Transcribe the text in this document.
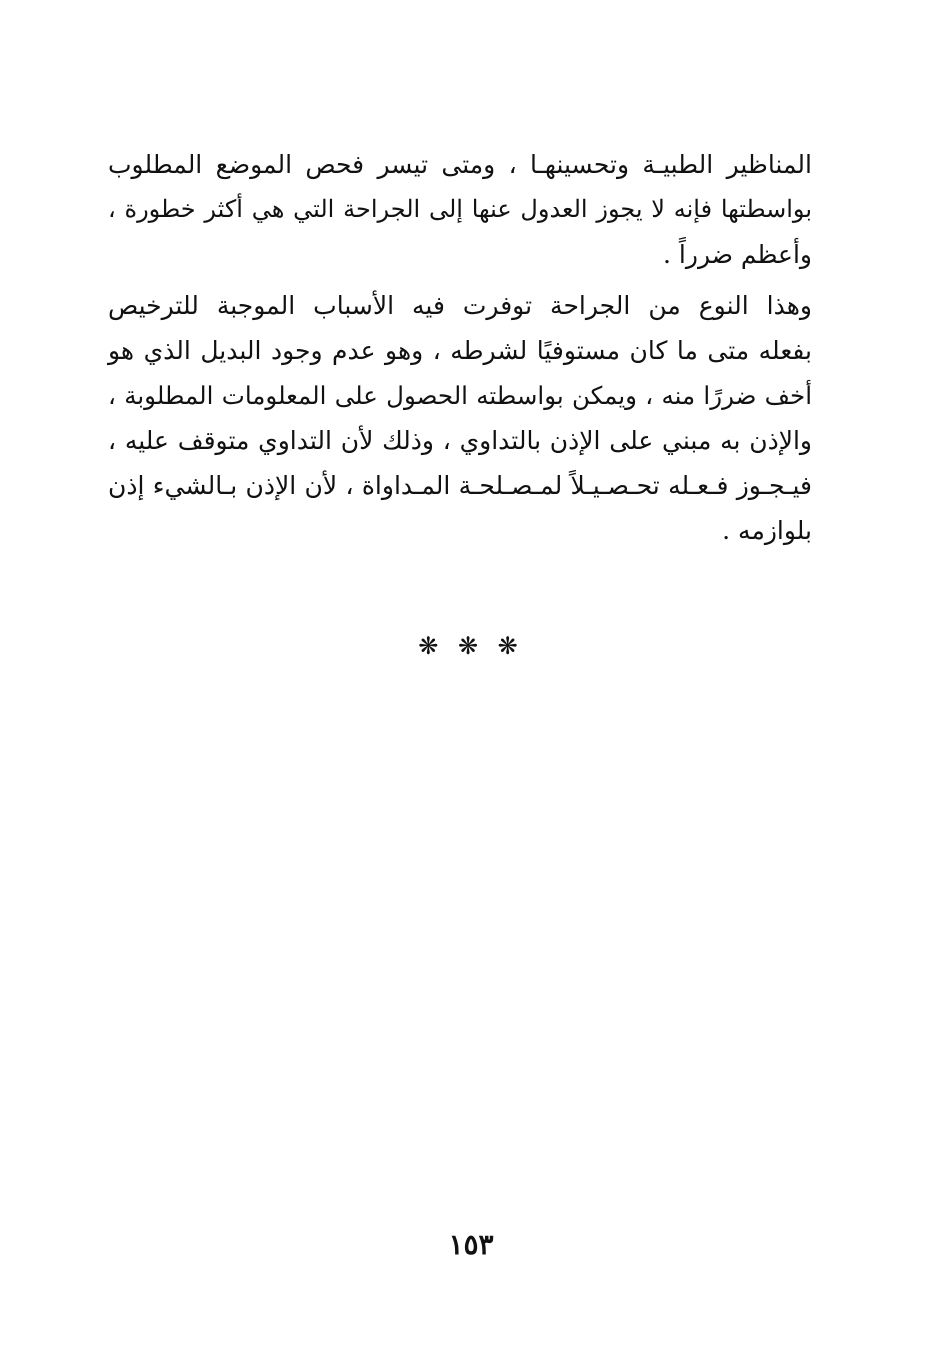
المناظير الطبيـة وتحسينهـا ، ومتى تيسر فحص الموضع المطلوب
بواسطتها فإنه لا يجوز العدول عنها إلى الجراحة التي هي أكثر خطورة ،
وأعظم ضرراً .

وهذا النوع من الجراحة توفرت فيه الأسباب الموجبة للترخيص
بفعله متى ما كان مستوفيًا لشرطه ، وهو عدم وجود البديل الذي هو
أخف ضررًا منه ، ويمكن بواسطته الحصول على المعلومات المطلوبة ،
والإذن به مبني على الإذن بالتداوي ، وذلك لأن التداوي متوقف عليه ،
فيـجـوز فـعـله تحـصـيـلاً لمـصـلحـة المـداواة ، لأن الإذن بـالشيء إذن
بلوازمه .

❋ ❋ ❋
١٥٣
